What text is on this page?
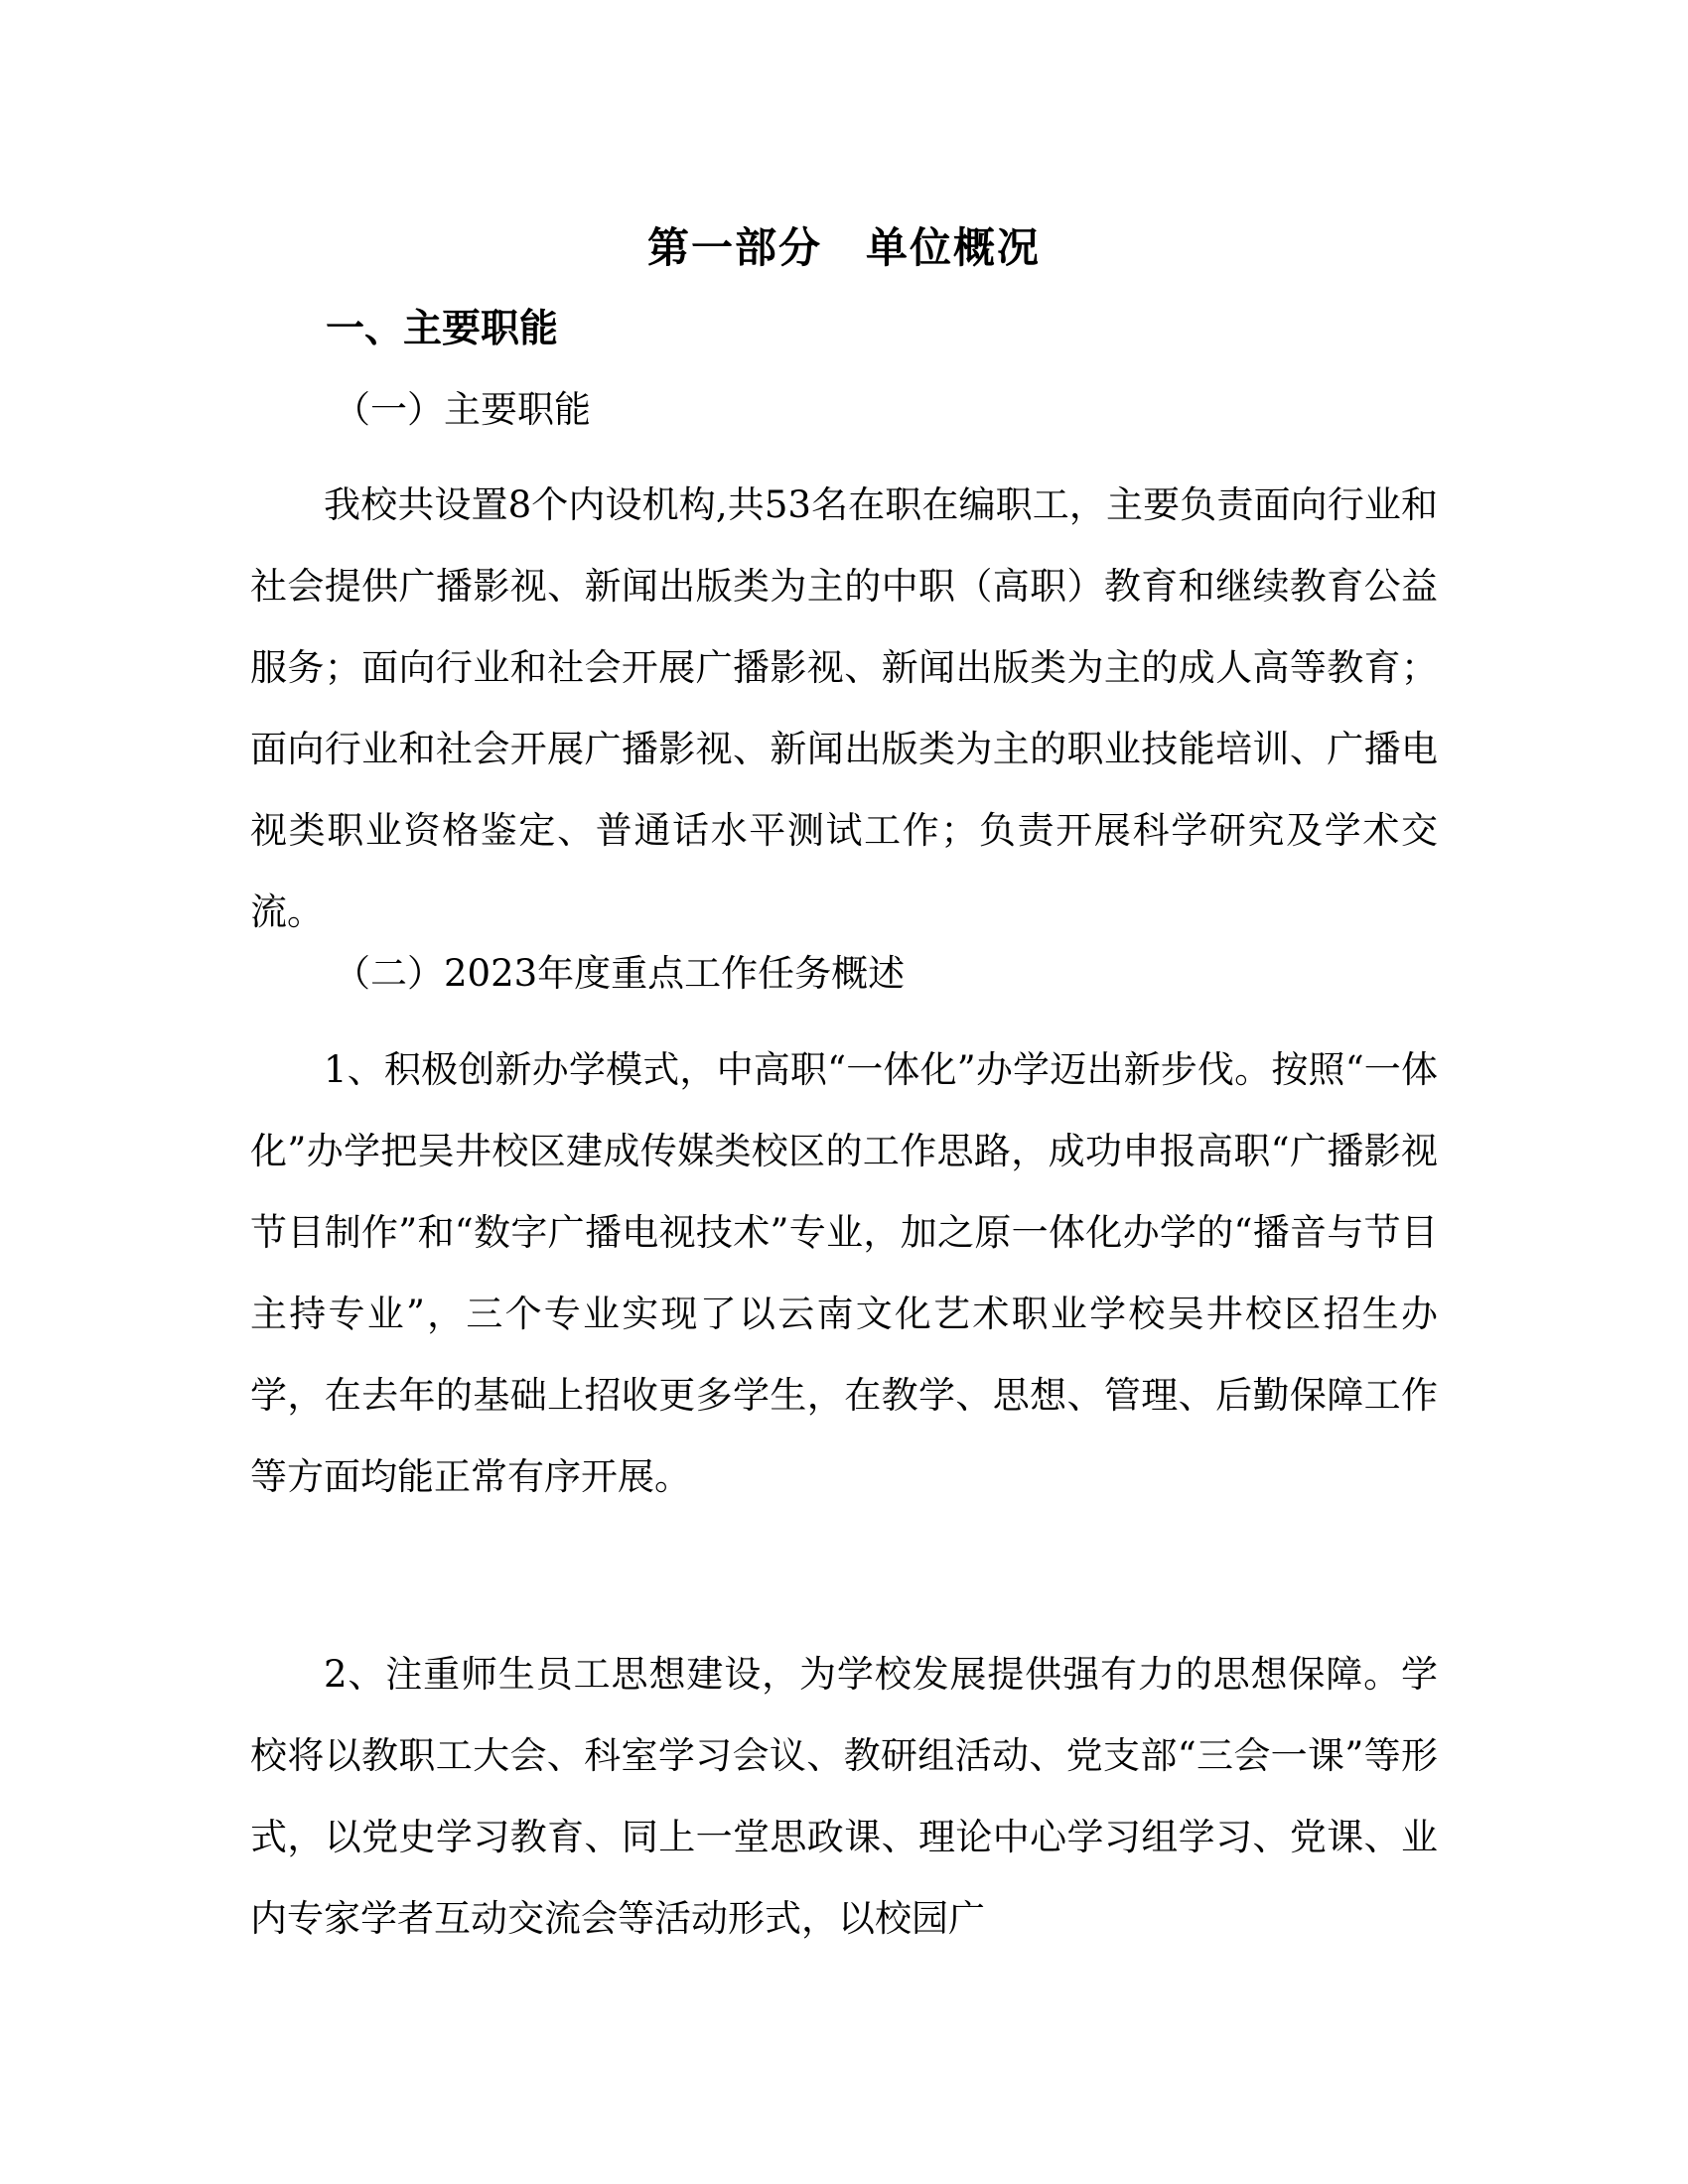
第一部分　单位概况
一、主要职能
（一）主要职能

我校共设置8个内设机构,共53名在职在编职工，主要负责面向行业和社会提供广播影视、新闻出版类为主的中职（高职）教育和继续教育公益服务；面向行业和社会开展广播影视、新闻出版类为主的成人高等教育；面向行业和社会开展广播影视、新闻出版类为主的职业技能培训、广播电视类职业资格鉴定、普通话水平测试工作；负责开展科学研究及学术交流。

（二）2023年度重点工作任务概述

1、积极创新办学模式，中高职“一体化”办学迈出新步伐。按照“一体化”办学把吴井校区建成传媒类校区的工作思路，成功申报高职“广播影视节目制作”和“数字广播电视技术”专业，加之原一体化办学的“播音与节目主持专业”，三个专业实现了以云南文化艺术职业学校吴井校区招生办学，在去年的基础上招收更多学生，在教学、思想、管理、后勤保障工作等方面均能正常有序开展。

2、注重师生员工思想建设，为学校发展提供强有力的思想保障。学校将以教职工大会、科室学习会议、教研组活动、党支部“三会一课”等形式，以党史学习教育、同上一堂思政课、理论中心学习组学习、党课、业内专家学者互动交流会等活动形式，以校园广
